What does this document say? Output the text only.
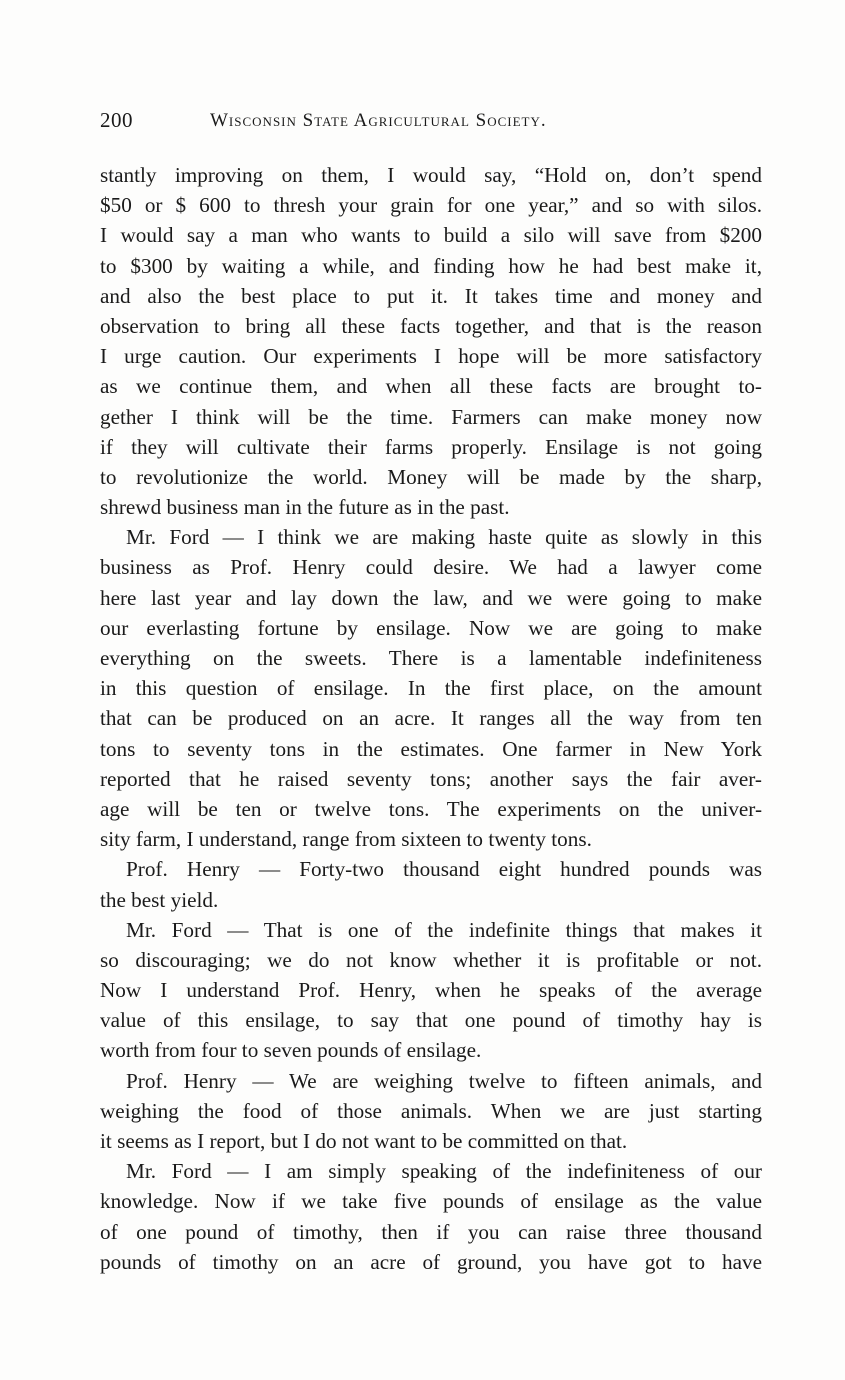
200	Wisconsin State Agricultural Society.
stantly improving on them, I would say, “Hold on, don’t spend
$50 or $ 600 to thresh your grain for one year,” and so with silos.
I would say a man who wants to build a silo will save from $200
to $300 by waiting a while, and finding how he had best make it,
and also the best place to put it. It takes time and money and
observation to bring all these facts together, and that is the reason
I urge caution. Our experiments I hope will be more satisfactory
as we continue them, and when all these facts are brought to-
gether I think will be the time. Farmers can make money now
if they will cultivate their farms properly. Ensilage is not going
to revolutionize the world. Money will be made by the sharp,
shrewd business man in the future as in the past.
Mr. Ford — I think we are making haste quite as slowly in this
business as Prof. Henry could desire. We had a lawyer come
here last year and lay down the law, and we were going to make
our everlasting fortune by ensilage. Now we are going to make
everything on the sweets. There is a lamentable indefiniteness
in this question of ensilage. In the first place, on the amount
that can be produced on an acre. It ranges all the way from ten
tons to seventy tons in the estimates. One farmer in New York
reported that he raised seventy tons; another says the fair aver-
age will be ten or twelve tons. The experiments on the univer-
sity farm, I understand, range from sixteen to twenty tons.
Prof. Henry — Forty-two thousand eight hundred pounds was
the best yield.
Mr. Ford — That is one of the indefinite things that makes it
so discouraging; we do not know whether it is profitable or not.
Now I understand Prof. Henry, when he speaks of the average
value of this ensilage, to say that one pound of timothy hay is
worth from four to seven pounds of ensilage.
Prof. Henry — We are weighing twelve to fifteen animals, and
weighing the food of those animals. When we are just starting
it seems as I report, but I do not want to be committed on that.
Mr. Ford — I am simply speaking of the indefiniteness of our
knowledge. Now if we take five pounds of ensilage as the value
of one pound of timothy, then if you can raise three thousand
pounds of timothy on an acre of ground, you have got to have
